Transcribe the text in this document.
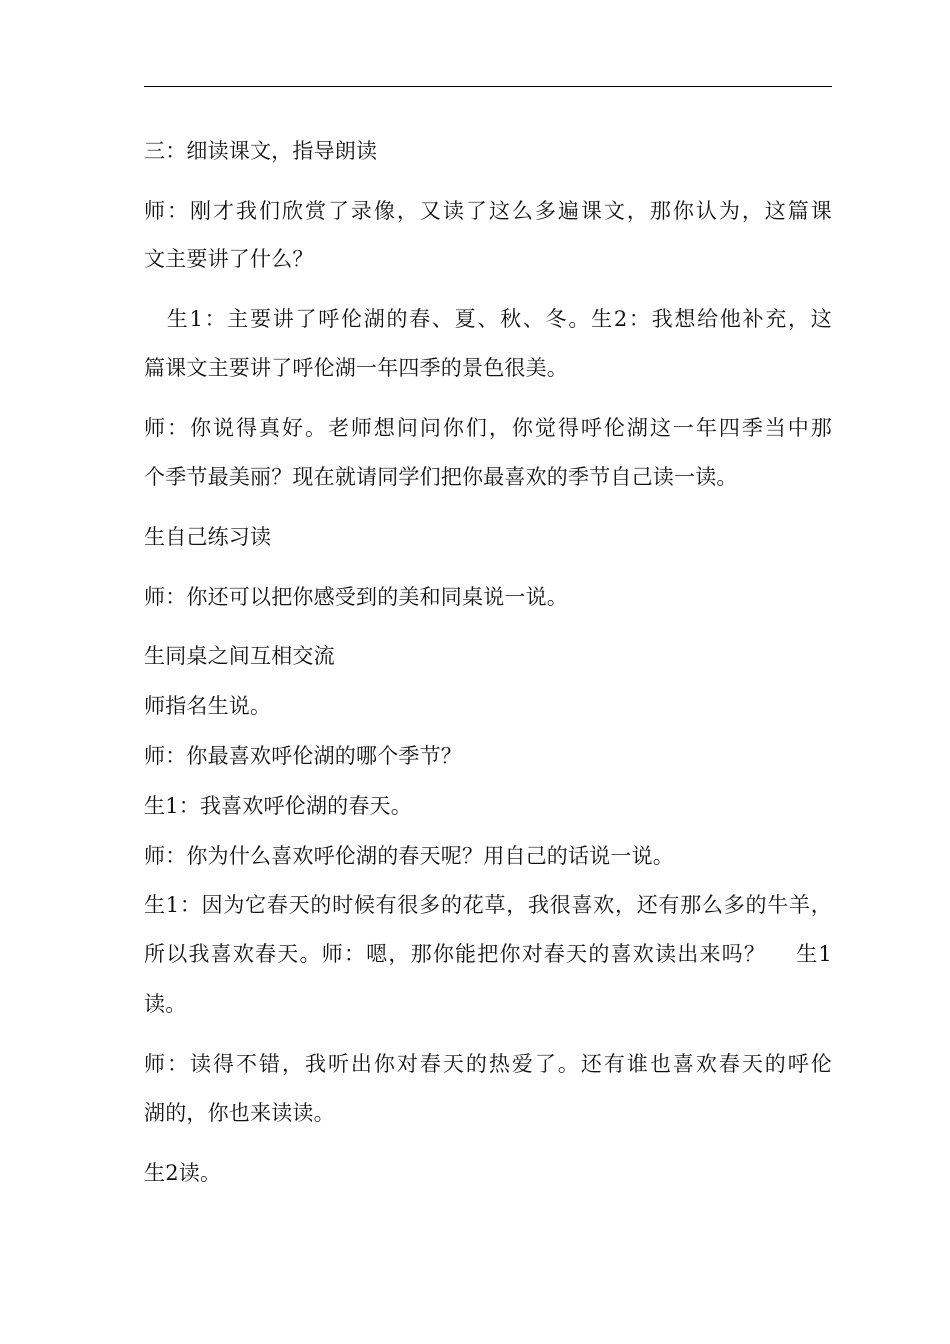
三：细读课文，指导朗读
师：刚才我们欣赏了录像，又读了这么多遍课文，那你认为，这篇课
文主要讲了什么？
　生1：主要讲了呼伦湖的春、夏、秋、冬。生2：我想给他补充，这
篇课文主要讲了呼伦湖一年四季的景色很美。
师：你说得真好。老师想问问你们，你觉得呼伦湖这一年四季当中那
个季节最美丽？现在就请同学们把你最喜欢的季节自己读一读。
生自己练习读
师：你还可以把你感受到的美和同桌说一说。
生同桌之间互相交流
师指名生说。
师：你最喜欢呼伦湖的哪个季节？
生1：我喜欢呼伦湖的春天。
师：你为什么喜欢呼伦湖的春天呢？用自己的话说一说。
生1：因为它春天的时候有很多的花草，我很喜欢，还有那么多的牛羊，
所以我喜欢春天。师：嗯，那你能把你对春天的喜欢读出来吗？　 生1
读。
师：读得不错，我听出你对春天的热爱了。还有谁也喜欢春天的呼伦
湖的，你也来读读。
生2读。
